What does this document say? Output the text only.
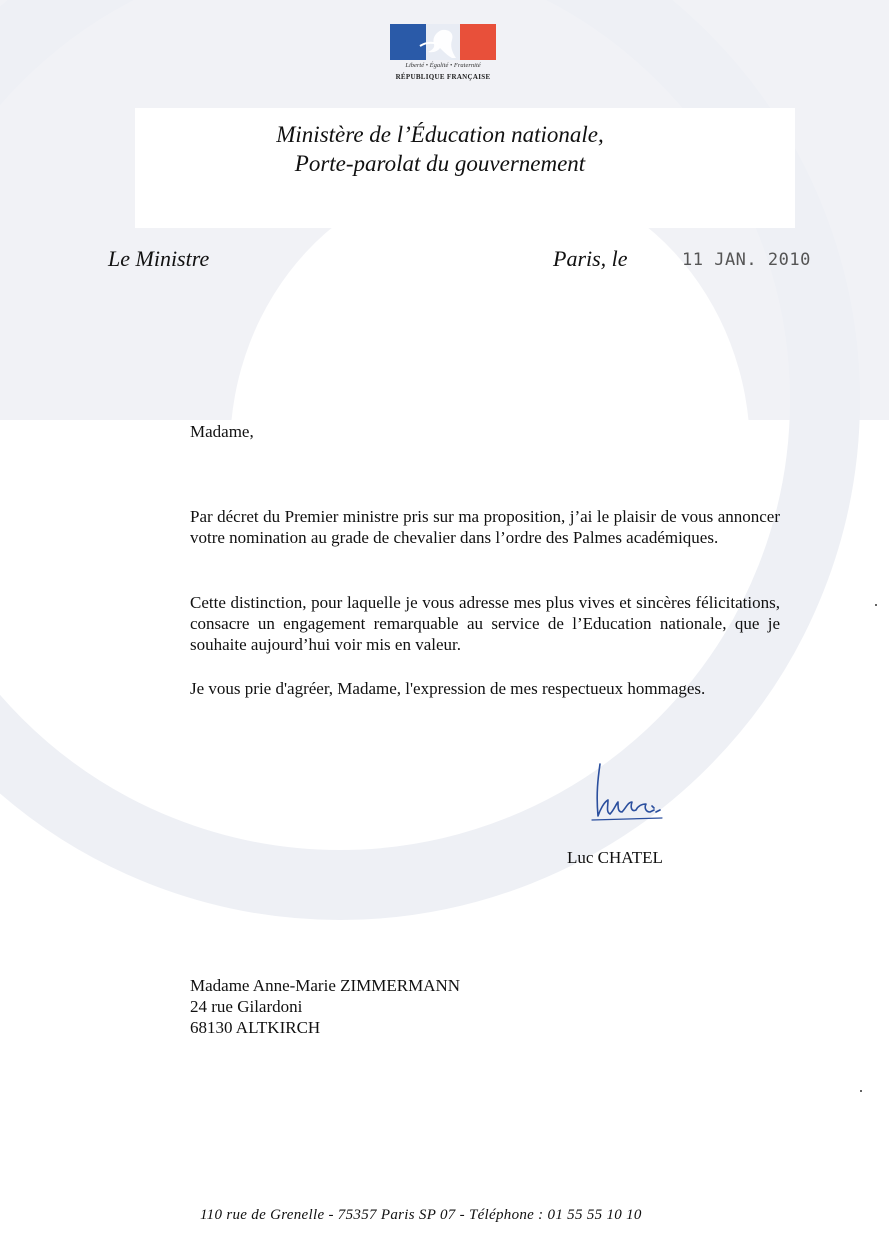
Liberté • Égalité • Fraternité
RÉPUBLIQUE FRANÇAISE
Ministère de l’Éducation nationale,
Porte-parolat du gouvernement
Le Ministre	Paris, le	11 JAN. 2010
Madame,
Par décret du Premier ministre pris sur ma proposition, j’ai le plaisir de vous annoncer votre nomination au grade de chevalier dans l’ordre des Palmes académiques.
Cette distinction, pour laquelle je vous adresse mes plus vives et sincères félicitations, consacre un engagement remarquable au service de l’Education nationale, que je souhaite aujourd’hui voir mis en valeur.
Je vous prie d'agréer, Madame, l'expression de mes respectueux hommages.
Luc CHATEL
Madame Anne-Marie ZIMMERMANN
24 rue Gilardoni
68130 ALTKIRCH
110 rue de Grenelle - 75357 Paris SP 07 - Téléphone : 01 55 55 10 10
